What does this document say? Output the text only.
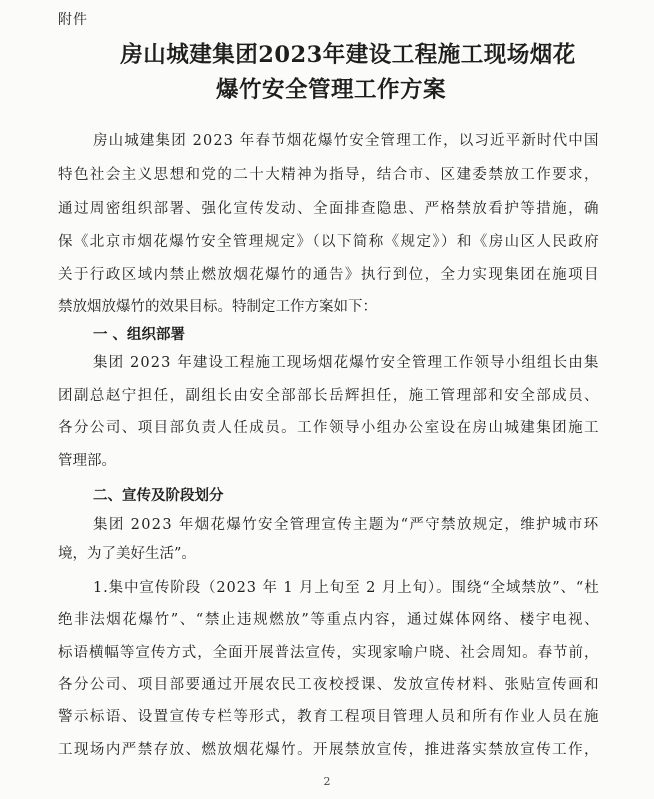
附件
房山城建集团2023年建设工程施工现场烟花
爆竹安全管理工作方案
房山城建集团 2023 年春节烟花爆竹安全管理工作，以习近平新时代中国
特色社会主义思想和党的二十大精神为指导，结合市、区建委禁放工作要求，
通过周密组织部署、强化宣传发动、全面排查隐患、严格禁放看护等措施，确
保《北京市烟花爆竹安全管理规定》（以下简称《规定》）和《房山区人民政府
关于行政区域内禁止燃放烟花爆竹的通告》执行到位，全力实现集团在施项目
禁放烟放爆竹的效果目标。特制定工作方案如下：
一 、组织部署
集团 2023 年建设工程施工现场烟花爆竹安全管理工作领导小组组长由集
团副总赵宁担任，副组长由安全部部长岳辉担任，施工管理部和安全部成员、
各分公司、项目部负责人任成员。工作领导小组办公室设在房山城建集团施工
管理部。
二、宣传及阶段划分
集团 2023 年烟花爆竹安全管理宣传主题为“严守禁放规定，维护城市环
境，为了美好生活”。
1.集中宣传阶段（2023 年 1 月上旬至 2 月上旬）。围绕“全域禁放”、“杜
绝非法烟花爆竹”、“禁止违规燃放”等重点内容，通过媒体网络、楼宇电视、
标语横幅等宣传方式，全面开展普法宣传，实现家喻户晓、社会周知。春节前，
各分公司、项目部要通过开展农民工夜校授课、发放宣传材料、张贴宣传画和
警示标语、设置宣传专栏等形式，教育工程项目管理人员和所有作业人员在施
工现场内严禁存放、燃放烟花爆竹。开展禁放宣传，推进落实禁放宣传工作，
2
